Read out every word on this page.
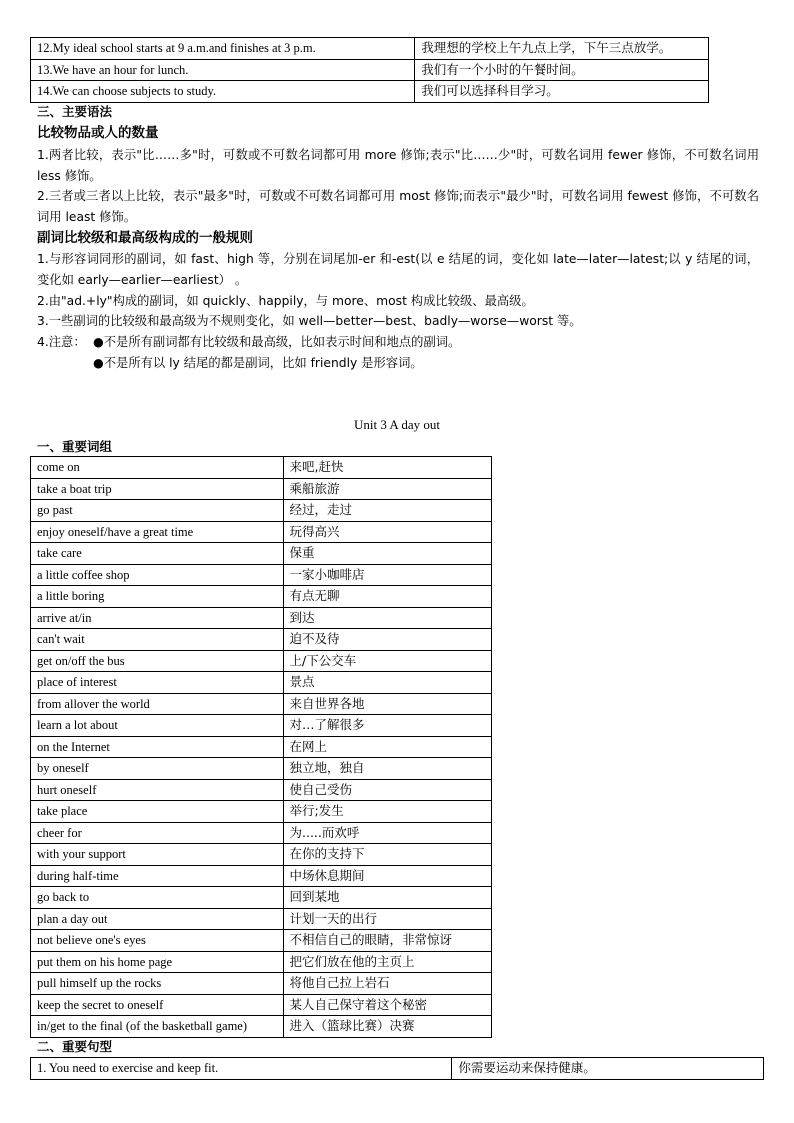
12.My ideal school starts at 9 a.m.and finishes at 3 p.m.	我理想的学校上午九点上学，下午三点放学。
13.We have an hour for lunch.	我们有一个小时的午餐时间。
14.We can choose subjects to study.	我们可以选择科目学习。
三、主要语法
比较物品或人的数量
1.两者比较，表示"比……多"时，可数或不可数名词都可用 more 修饰;表示"比……少"时，可数名词用 fewer 修饰，不可数名词用 less 修饰。
2.三者或三者以上比较，表示"最多"时，可数或不可数名词都可用 most 修饰;而表示"最少"时，可数名词用 fewest 修饰，不可数名词用 least 修饰。
副词比较级和最高级构成的一般规则
1.与形容词同形的副词，如 fast、high 等，分别在词尾加-er 和-est(以 e 结尾的词，变化如 late—later—latest;以 y 结尾的词，变化如 early—earlier—earliest） 。
2.由"ad.+ly"构成的副词，如 quickly、happily，与 more、most 构成比较级、最高级。
3.一些副词的比较级和最高级为不规则变化，如 well—better—best、badly—worse—worst 等。
4.注意： ●不是所有副词都有比较级和最高级，比如表示时间和地点的副词。
●不是所有以 ly 结尾的都是副词，比如 friendly 是形容词。
Unit 3 A day out
一、重要词组
come on	来吧,赶快
take a boat trip	乘船旅游
go past	经过，走过
enjoy oneself/have a great time	玩得高兴
take care	保重
a little coffee shop	一家小咖啡店
a little boring	有点无聊
arrive at/in	到达
can't wait	迫不及待
get on/off the bus	上/下公交车
place of interest	景点
from allover the world	来自世界各地
learn a lot about	对…了解很多
on the Internet	在网上
by oneself	独立地，独自
hurt oneself	使自己受伤
take place	举行;发生
cheer for	为.....而欢呼
with your support	在你的支持下
during half-time	中场休息期间
go back to	回到某地
plan a day out	计划一天的出行
not believe one's eyes	不相信自己的眼睛，非常惊讶
put them on his home page	把它们放在他的主页上
pull himself up the rocks	将他自己拉上岩石
keep the secret to oneself	某人自己保守着这个秘密
in/get to the final (of the basketball game)	进入（篮球比赛）决赛
二、重要句型
1. You need to exercise and keep fit.	你需要运动来保持健康。
